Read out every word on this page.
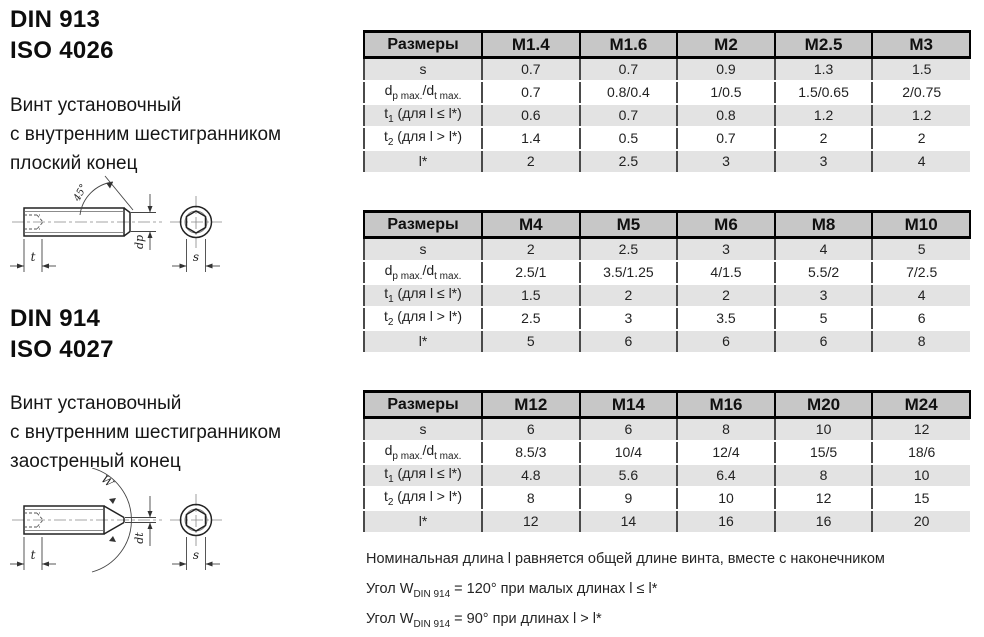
DIN 913
ISO 4026
Винт установочный
с внутренним шестигранником
плоский конец
45°
t
dp
s
DIN 914
ISO 4027
Винт установочный
с внутренним шестигранником
заостренный конец
W
t
dt
s
Размеры	M1.4	M1.6	M2	M2.5	M3
s	0.7	0.7	0.9	1.3	1.5
$d_{p max.}/d_{t max.}$	0.7	0.8/0.4	1/0.5	1.5/0.65	2/0.75
$t_1$ (для l ≤ l*)	0.6	0.7	0.8	1.2	1.2
$t_2$ (для l > l*)	1.4	0.5	0.7	2	2
l*	2	2.5	3	3	4
Размеры	M4	M5	M6	M8	M10
s	2	2.5	3	4	5
$d_{p max.}/d_{t max.}$	2.5/1	3.5/1.25	4/1.5	5.5/2	7/2.5
$t_1$ (для l ≤ l*)	1.5	2	2	3	4
$t_2$ (для l > l*)	2.5	3	3.5	5	6
l*	5	6	6	6	8
Размеры	M12	M14	M16	M20	M24
s	6	6	8	10	12
$d_{p max.}/d_{t max.}$	8.5/3	10/4	12/4	15/5	18/6
$t_1$ (для l ≤ l*)	4.8	5.6	6.4	8	10
$t_2$ (для l > l*)	8	9	10	12	15
l*	12	14	16	16	20
Номинальная длина l равняется общей длине винта, вместе с наконечником
Угол $W_{DIN 914} = 120^\circ$ при малых длинах l ≤ l*
Угол $W_{DIN 914} = 90^\circ$ при длинах l > l*
